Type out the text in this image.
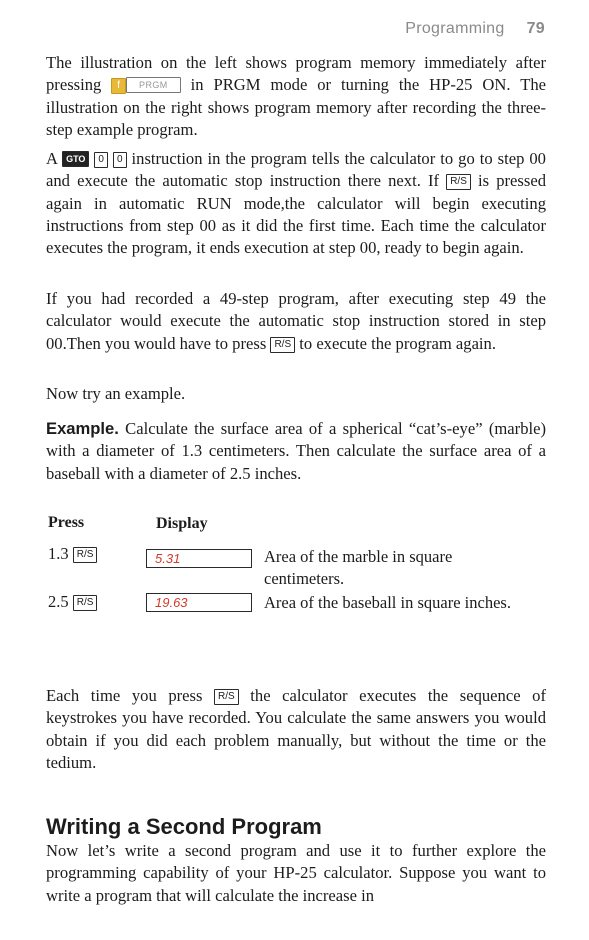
Programming 79

The illustration on the left shows program memory immediately after pressing f PRGM in PRGM mode or turning the HP-25 ON. The illustration on the right shows program memory after recording the three-step example program.

A GTO 0 0 instruction in the program tells the calculator to go to step 00 and execute the automatic stop instruction there next. If R/S is pressed again in automatic RUN mode,the calculator will begin executing instructions from step 00 as it did the first time. Each time the calculator executes the program, it ends execution at step 00, ready to begin again.

If you had recorded a 49-step program, after executing step 49 the calculator would execute the automatic stop instruction stored in step 00.Then you would have to press R/S to execute the program again.

Now try an example.

Example. Calculate the surface area of a spherical “cat’s-eye” (marble) with a diameter of 1.3 centimeters. Then calculate the surface area of a baseball with a diameter of 2.5 inches.

Press	Display
1.3 R/S	5.31	Area of the marble in square centimeters.
2.5 R/S	19.63	Area of the baseball in square inches.

Each time you press R/S the calculator executes the sequence of keystrokes you have recorded. You calculate the same answers you would obtain if you did each problem manually, but without the time or the tedium.

Writing a Second Program

Now let’s write a second program and use it to further explore the programming capability of your HP-25 calculator. Suppose you want to write a program that will calculate the increase in
